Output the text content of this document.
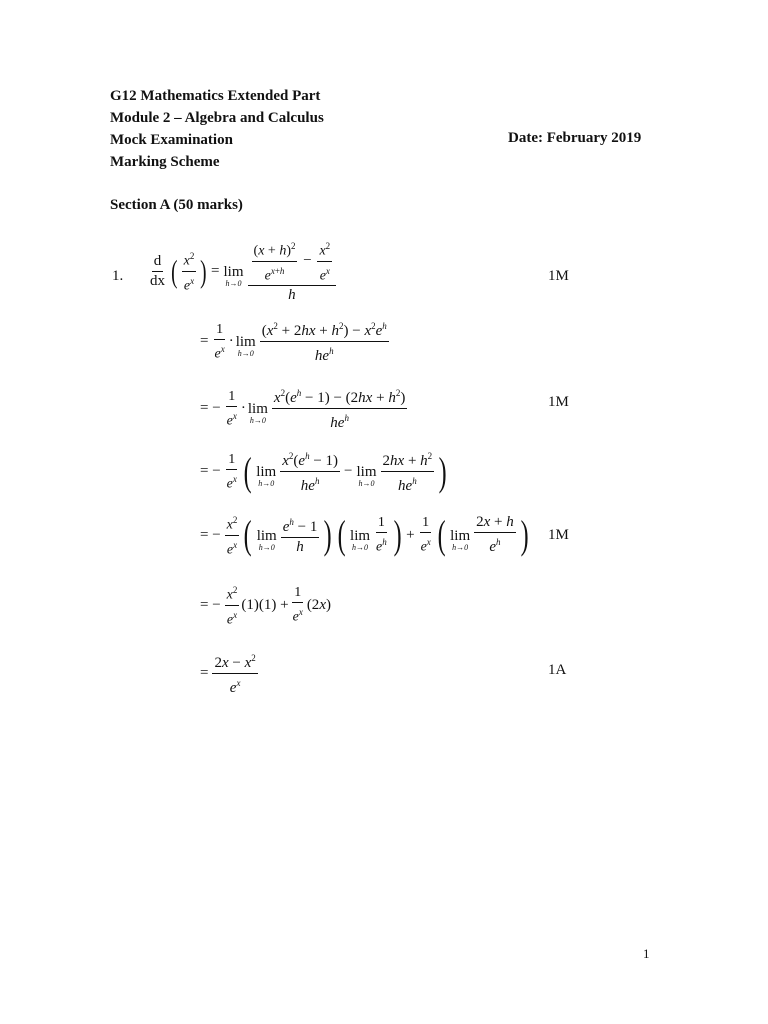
G12 Mathematics Extended Part
Module 2 – Algebra and Calculus
Mock Examination	Date: February 2019
Marking Scheme
Section A (50 marks)
1. $\frac{d}{dx}$ ( $\frac{x^2}{e^x}$ ) = lim
$h\to 0 \frac{\frac{(x + h)^2}{e^{x+h}} - \frac{x^2}{e^x}}{h}$	1M
= $\frac{1}{e^x} \cdot \lim$
$h\to 0 \frac{(x^2 + 2hx + h^2) - x^2e^h}{he^h}$
= − $\frac{1}{e^x} \cdot \lim$
$h\to 0 \frac{x^2(e^h - 1) - (2hx + h^2)}{he^h}$	1M
= − $\frac{1}{e^x}$ ( lim
$h\to 0 \frac{x^2(e^h - 1)}{he^h} - \lim$
$h\to 0 \frac{2hx + h^2}{he^h}$ )
= − $\frac{x^2}{e^x}$ ( lim
$h\to 0 \frac{e^h - 1}{h}$ ) ( lim
$h\to 0 \frac{1}{e^h}$ ) + $\frac{1}{e^x}$ ( lim
$h\to 0 \frac{2x + h}{e^h}$ ) 1M
= − $\frac{x^2}{e^x} (1)(1) + \frac{1}{e^x} (2x)$
= $\frac{2x - x^2}{e^x}$	1A
1
